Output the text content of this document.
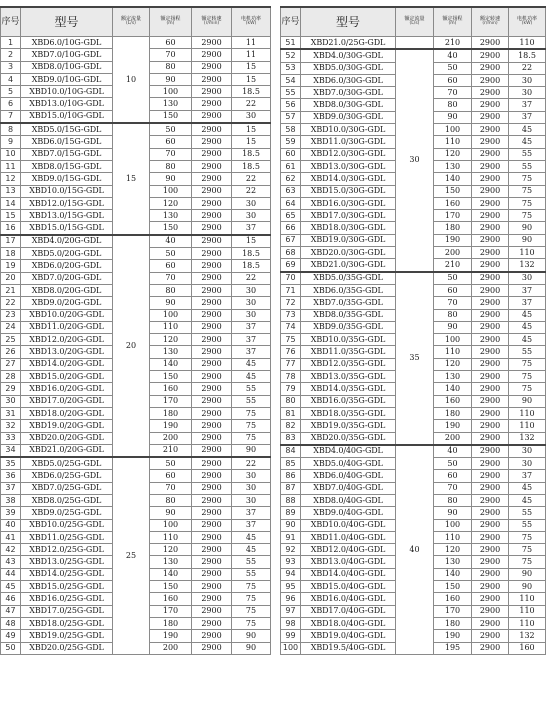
序号	型号	额定流量
(L/s)	额定扬程
(m)	额定转速
(r/min)	电机功率
(kW)

1	XBD6.0/10G-GDL	10	60	2900	11
2	XBD7.0/10G-GDL		70	2900	11
3	XBD8.0/10G-GDL		80	2900	15
4	XBD9.0/10G-GDL		90	2900	15
5	XBD10.0/10G-GDL		100	2900	18.5
6	XBD13.0/10G-GDL		130	2900	22
7	XBD15.0/10G-GDL		150	2900	30
8	XBD5.0/15G-GDL	15	50	2900	15
9	XBD6.0/15G-GDL		60	2900	15
10	XBD7.0/15G-GDL		70	2900	18.5
11	XBD8.0/15G-GDL		80	2900	18.5
12	XBD9.0/15G-GDL		90	2900	22
13	XBD10.0/15G-GDL		100	2900	22
14	XBD12.0/15G-GDL		120	2900	30
15	XBD13.0/15G-GDL		130	2900	30
16	XBD15.0/15G-GDL		150	2900	37
17	XBD4.0/20G-GDL	20	40	2900	15
18	XBD5.0/20G-GDL		50	2900	18.5
19	XBD6.0/20G-GDL		60	2900	18.5
20	XBD7.0/20G-GDL		70	2900	22
21	XBD8.0/20G-GDL		80	2900	30
22	XBD9.0/20G-GDL		90	2900	30
23	XBD10.0/20G-GDL		100	2900	30
24	XBD11.0/20G-GDL		110	2900	37
25	XBD12.0/20G-GDL		120	2900	37
26	XBD13.0/20G-GDL		130	2900	37
27	XBD14.0/20G-GDL		140	2900	45
28	XBD15.0/20G-GDL		150	2900	45
29	XBD16.0/20G-GDL		160	2900	55
30	XBD17.0/20G-GDL		170	2900	55
31	XBD18.0/20G-GDL		180	2900	75
32	XBD19.0/20G-GDL		190	2900	75
33	XBD20.0/20G-GDL		200	2900	75
34	XBD21.0/20G-GDL		210	2900	90
35	XBD5.0/25G-GDL	25	50	2900	22
36	XBD6.0/25G-GDL		60	2900	30
37	XBD7.0/25G-GDL		70	2900	30
38	XBD8.0/25G-GDL		80	2900	30
39	XBD9.0/25G-GDL		90	2900	37
40	XBD10.0/25G-GDL		100	2900	37
41	XBD11.0/25G-GDL		110	2900	45
42	XBD12.0/25G-GDL		120	2900	45
43	XBD13.0/25G-GDL		130	2900	55
44	XBD14.0/25G-GDL		140	2900	55
45	XBD15.0/25G-GDL		150	2900	75
46	XBD16.0/25G-GDL		160	2900	75
47	XBD17.0/25G-GDL		170	2900	75
48	XBD18.0/25G-GDL		180	2900	75
49	XBD19.0/25G-GDL		190	2900	90
50	XBD20.0/25G-GDL		200	2900	90
序号	型号	额定流量
(L/s)	额定扬程
(m)	额定转速
(r/min)	电机功率
(kW)

51	XBD21.0/25G-GDL		210	2900	110
52	XBD4.0/30G-GDL	30	40	2900	18.5
53	XBD5.0/30G-GDL		50	2900	22
54	XBD6.0/30G-GDL		60	2900	30
55	XBD7.0/30G-GDL		70	2900	30
56	XBD8.0/30G-GDL		80	2900	37
57	XBD9.0/30G-GDL		90	2900	37
58	XBD10.0/30G-GDL		100	2900	45
59	XBD11.0/30G-GDL		110	2900	45
60	XBD12.0/30G-GDL		120	2900	55
61	XBD13.0/30G-GDL		130	2900	55
62	XBD14.0/30G-GDL		140	2900	75
63	XBD15.0/30G-GDL		150	2900	75
64	XBD16.0/30G-GDL		160	2900	75
65	XBD17.0/30G-GDL		170	2900	75
66	XBD18.0/30G-GDL		180	2900	90
67	XBD19.0/30G-GDL		190	2900	90
68	XBD20.0/30G-GDL		200	2900	110
69	XBD21.0/30G-GDL		210	2900	132
70	XBD5.0/35G-GDL	35	50	2900	30
71	XBD6.0/35G-GDL		60	2900	37
72	XBD7.0/35G-GDL		70	2900	37
73	XBD8.0/35G-GDL		80	2900	45
74	XBD9.0/35G-GDL		90	2900	45
75	XBD10.0/35G-GDL		100	2900	45
76	XBD11.0/35G-GDL		110	2900	55
77	XBD12.0/35G-GDL		120	2900	75
78	XBD13.0/35G-GDL		130	2900	75
79	XBD14.0/35G-GDL		140	2900	75
80	XBD16.0/35G-GDL		160	2900	90
81	XBD18.0/35G-GDL		180	2900	110
82	XBD19.0/35G-GDL		190	2900	110
83	XBD20.0/35G-GDL		200	2900	132
84	XBD4.0/40G-GDL	40	40	2900	30
85	XBD5.0/40G-GDL		50	2900	30
86	XBD6.0/40G-GDL		60	2900	37
87	XBD7.0/40G-GDL		70	2900	45
88	XBD8.0/40G-GDL		80	2900	45
89	XBD9.0/40G-GDL		90	2900	55
90	XBD10.0/40G-GDL		100	2900	55
91	XBD11.0/40G-GDL		110	2900	75
92	XBD12.0/40G-GDL		120	2900	75
93	XBD13.0/40G-GDL		130	2900	75
94	XBD14.0/40G-GDL		140	2900	90
95	XBD15.0/40G-GDL		150	2900	90
96	XBD16.0/40G-GDL		160	2900	110
97	XBD17.0/40G-GDL		170	2900	110
98	XBD18.0/40G-GDL		180	2900	110
99	XBD19.0/40G-GDL		190	2900	132
100	XBD19.5/40G-GDL		195	2900	160
